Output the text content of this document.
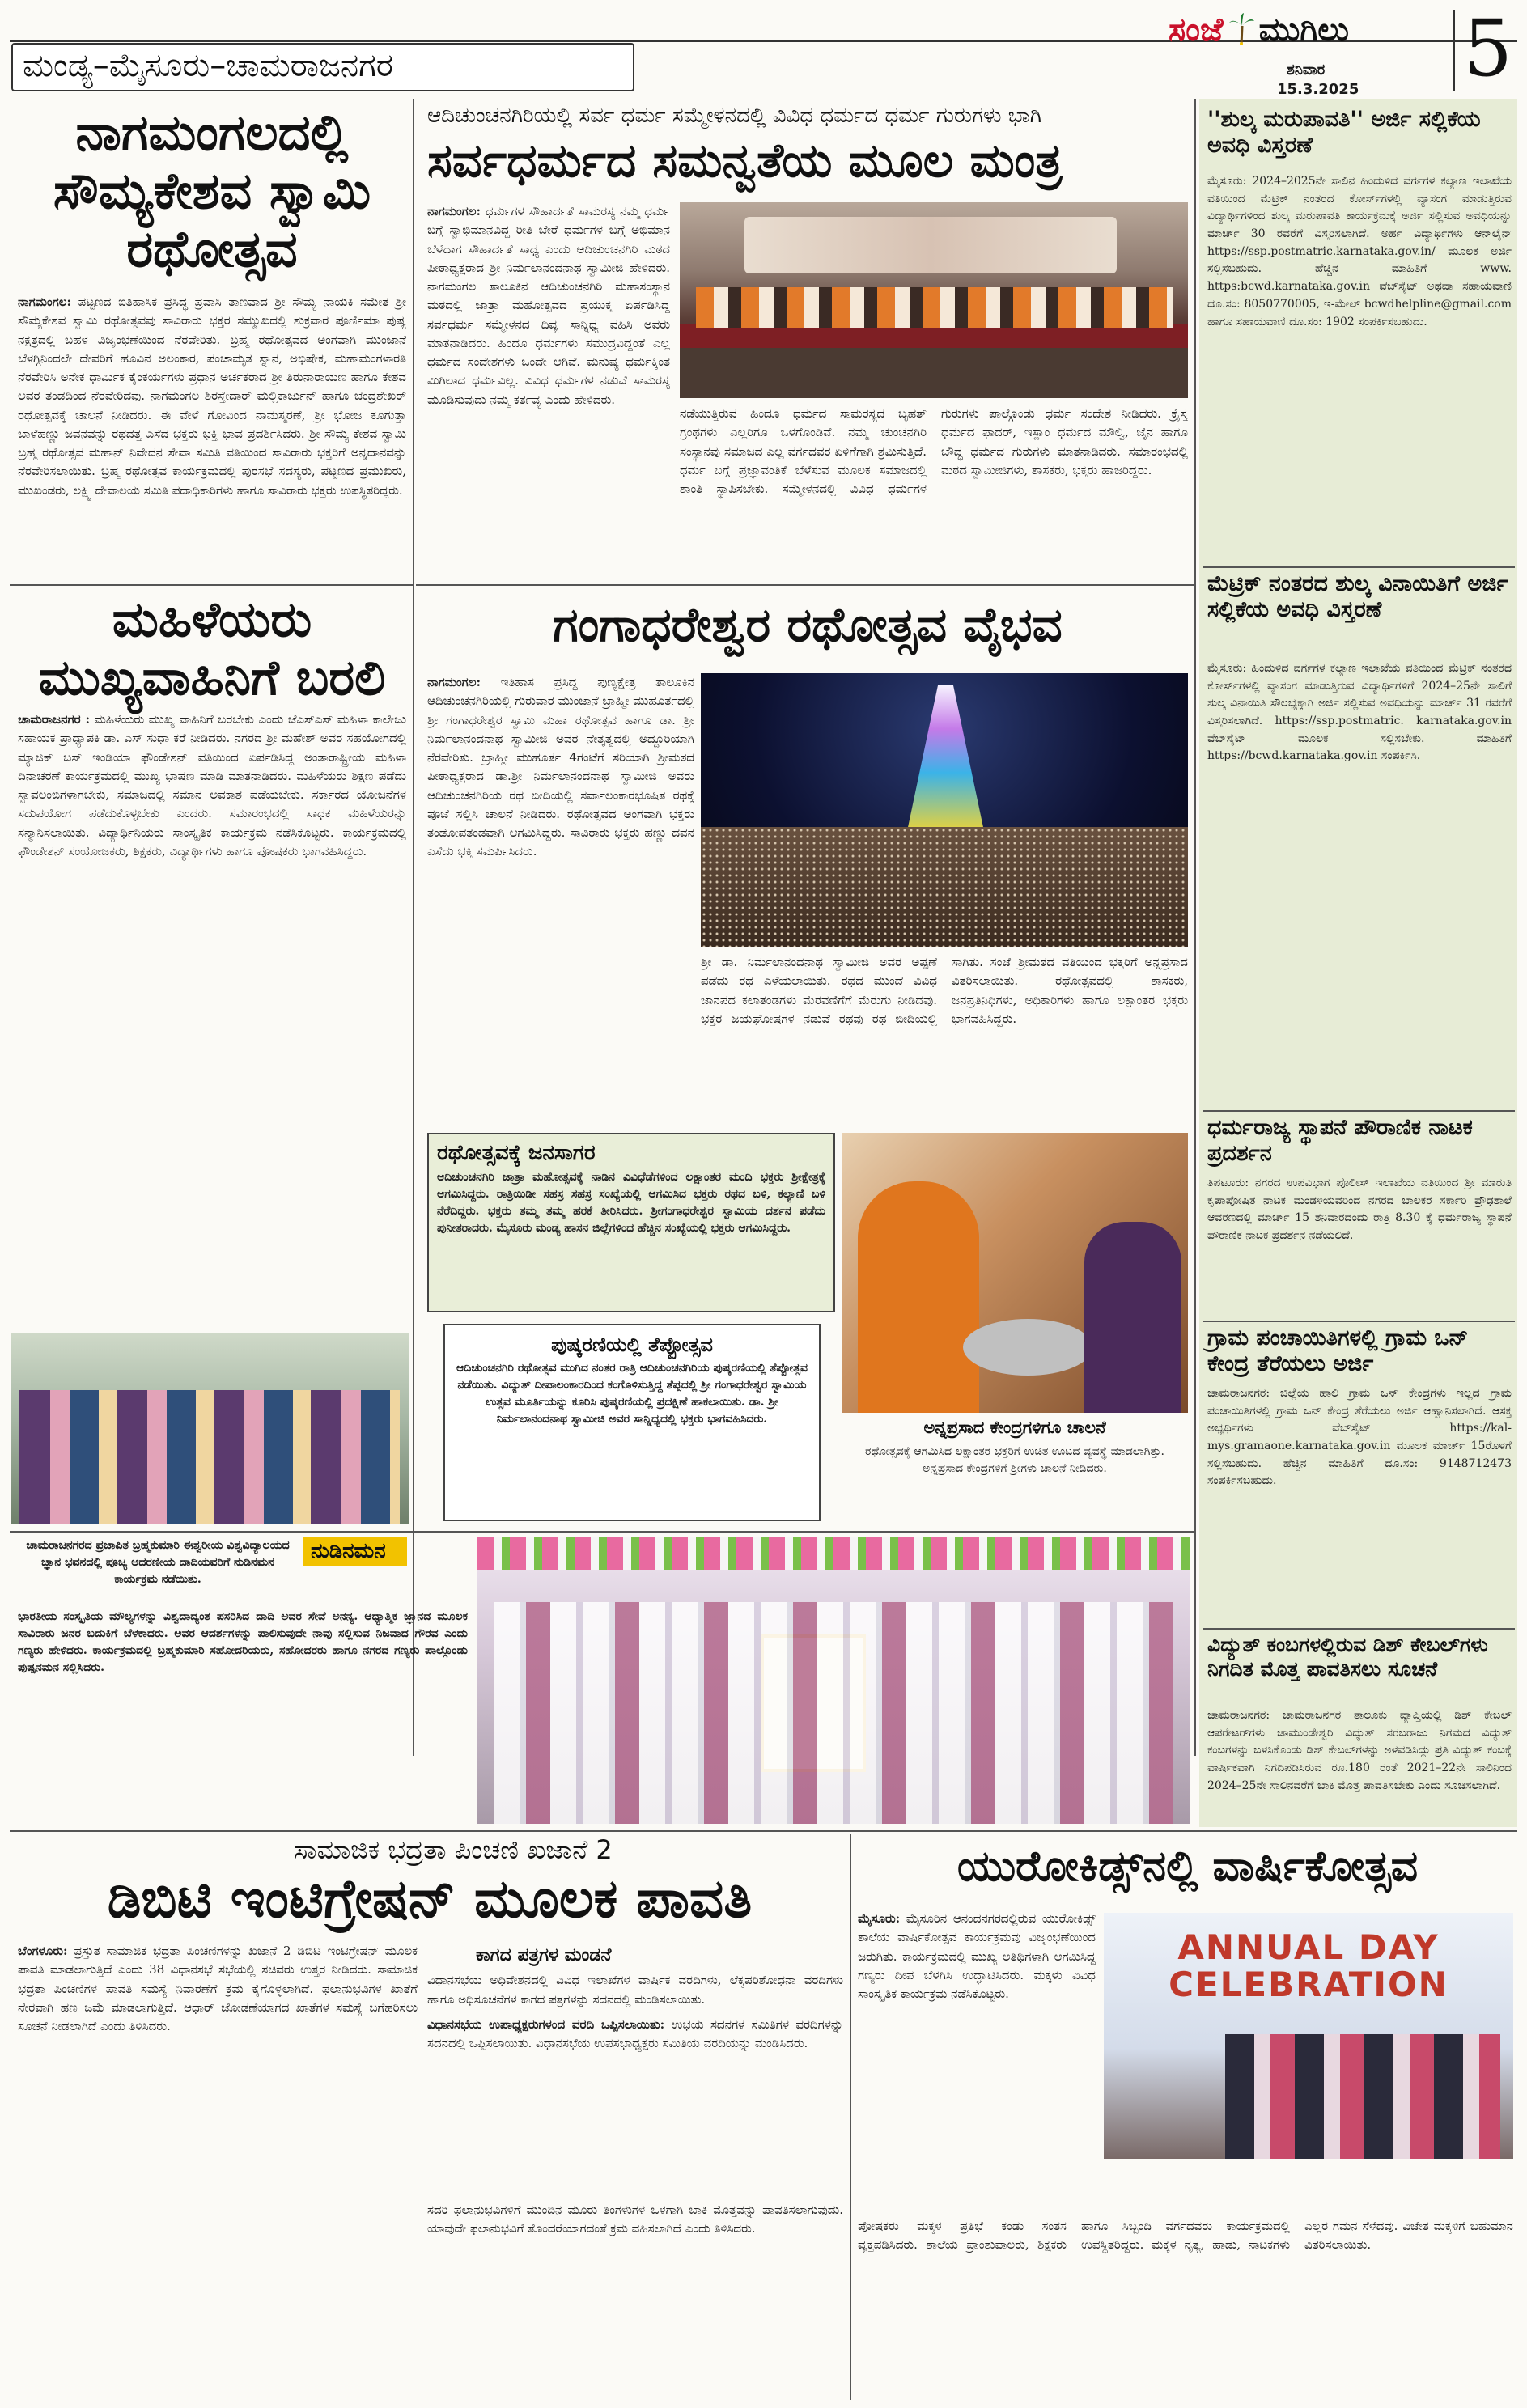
ಮಂಡ್ಯ–ಮೈಸೂರು–ಚಾಮರಾಜನಗರ
ಸಂಜೆ ಮುಗಿಲು
ಶನಿವಾರ
15.3.2025 5
ನಾಗಮಂಗಲದಲ್ಲಿ ಸೌಮ್ಯಕೇಶವ ಸ್ವಾಮಿ ರಥೋತ್ಸವ
ನಾಗಮಂಗಲ: ಪಟ್ಟಣದ ಐತಿಹಾಸಿಕ ಪ್ರಸಿದ್ಧ ಪ್ರವಾಸಿ ತಾಣವಾದ ಶ್ರೀ ಸೌಮ್ಯ ನಾಯಕಿ ಸಮೇತ ಶ್ರೀ ಸೌಮ್ಯಕೇಶವ ಸ್ವಾಮಿ ರಥೋತ್ಸವವು ಸಾವಿರಾರು ಭಕ್ತರ ಸಮ್ಮುಖದಲ್ಲಿ ಶುಕ್ರವಾರ ಪೂರ್ಣಿಮಾ ಪುಷ್ಯ ನಕ್ಷತ್ರದಲ್ಲಿ ಬಹಳ ವಿಜೃಂಭಣೆಯಿಂದ ನೆರವೇರಿತು. ಬ್ರಹ್ಮ ರಥೋತ್ಸವದ ಅಂಗವಾಗಿ ಮುಂಜಾನೆ ಬೆಳಗ್ಗಿನಿಂದಲೇ ದೇವರಿಗೆ ಹೂವಿನ ಅಲಂಕಾರ, ಪಂಚಾಮೃತ ಸ್ನಾನ, ಅಭಿಷೇಕ, ಮಹಾಮಂಗಳಾರತಿ ನೆರವೇರಿಸಿ ಅನೇಕ ಧಾರ್ಮಿಕ ಕೈಂಕರ್ಯಗಳು ಪ್ರಧಾನ ಅರ್ಚಕರಾದ ಶ್ರೀ ತಿರುನಾರಾಯಣ ಹಾಗೂ ಕೇಶವ ಅವರ ತಂಡದಿಂದ ನೆರವೇರಿದವು. ನಾಗಮಂಗಲ ಶಿರಸ್ತೇದಾರ್ ಮಲ್ಲಿಕಾರ್ಜುನ್ ಹಾಗೂ ಚಂದ್ರಶೇಖರ್ ರಥೋತ್ಸವಕ್ಕೆ ಚಾಲನೆ ನೀಡಿದರು. ಈ ವೇಳೆ ಗೋವಿಂದ ನಾಮಸ್ಮರಣೆ, ಶ್ರೀ ಭೋಜ ಕೂಗುತ್ತಾ ಬಾಳೆಹಣ್ಣು ಜವನವನ್ನು ರಥದತ್ತ ಎಸೆದ ಭಕ್ತರು ಭಕ್ತಿ ಭಾವ ಪ್ರದರ್ಶಿಸಿದರು. ಶ್ರೀ ಸೌಮ್ಯ ಕೇಶವ ಸ್ವಾಮಿ ಬ್ರಹ್ಮ ರಥೋತ್ಸವ ಮಹಾನ್ ನಿವೇದನ ಸೇವಾ ಸಮಿತಿ ವತಿಯಿಂದ ಸಾವಿರಾರು ಭಕ್ತರಿಗೆ ಅನ್ನದಾನವನ್ನು ನೆರವೇರಿಸಲಾಯಿತು. ಬ್ರಹ್ಮ ರಥೋತ್ಸವ ಕಾರ್ಯಕ್ರಮದಲ್ಲಿ ಪುರಸಭೆ ಸದಸ್ಯರು, ಪಟ್ಟಣದ ಪ್ರಮುಖರು, ಮುಖಂಡರು, ಲಕ್ಷ್ಮಿ ದೇವಾಲಯ ಸಮಿತಿ ಪದಾಧಿಕಾರಿಗಳು ಹಾಗೂ ಸಾವಿರಾರು ಭಕ್ತರು ಉಪಸ್ಥಿತರಿದ್ದರು.
ಆದಿಚುಂಚನಗಿರಿಯಲ್ಲಿ ಸರ್ವ ಧರ್ಮ ಸಮ್ಮೇಳನದಲ್ಲಿ ವಿವಿಧ ಧರ್ಮದ ಧರ್ಮ ಗುರುಗಳು ಭಾಗಿ
ಸರ್ವಧರ್ಮದ ಸಮನ್ವತೆಯ ಮೂಲ ಮಂತ್ರ
ನಾಗಮಂಗಲ: ಧರ್ಮಗಳ ಸೌಹಾರ್ದತೆ ಸಾಮರಸ್ಯ ನಮ್ಮ ಧರ್ಮ ಬಗ್ಗೆ ಸ್ವಾಭಿಮಾನವಿದ್ದ ರೀತಿ ಬೇರೆ ಧರ್ಮಗಳ ಬಗ್ಗೆ ಅಭಿಮಾನ ಬೆಳೆದಾಗ ಸೌಹಾರ್ದತೆ ಸಾಧ್ಯ ಎಂದು ಆದಿಚುಂಚನಗಿರಿ ಮಠದ ಪೀಠಾಧ್ಯಕ್ಷರಾದ ಶ್ರೀ ನಿರ್ಮಲಾನಂದನಾಥ ಸ್ವಾಮೀಜಿ ಹೇಳಿದರು. ನಾಗಮಂಗಲ ತಾಲೂಕಿನ ಆದಿಚುಂಚನಗಿರಿ ಮಹಾಸಂಸ್ಥಾನ ಮಠದಲ್ಲಿ ಜಾತ್ರಾ ಮಹೋತ್ಸವದ ಪ್ರಯುಕ್ತ ಏರ್ಪಡಿಸಿದ್ದ ಸರ್ವಧರ್ಮ ಸಮ್ಮೇಳನದ ದಿವ್ಯ ಸಾನ್ನಿಧ್ಯ ವಹಿಸಿ ಅವರು ಮಾತನಾಡಿದರು. ಹಿಂದೂ ಧರ್ಮಗಳು ಸಮುದ್ರವಿದ್ದಂತೆ ಎಲ್ಲ ಧರ್ಮದ ಸಂದೇಶಗಳು ಒಂದೇ ಆಗಿವೆ. ಮನುಷ್ಯ ಧರ್ಮಕ್ಕಿಂತ ಮಿಗಿಲಾದ ಧರ್ಮವಿಲ್ಲ. ವಿವಿಧ ಧರ್ಮಗಳ ನಡುವೆ ಸಾಮರಸ್ಯ ಮೂಡಿಸುವುದು ನಮ್ಮ ಕರ್ತವ್ಯ ಎಂದು ಹೇಳಿದರು.
ನಡೆಯುತ್ತಿರುವ ಹಿಂದೂ ಧರ್ಮದ ಸಾಮರಸ್ಯದ ಬೃಹತ್ ಗ್ರಂಥಗಳು ಎಲ್ಲರಿಗೂ ಒಳಗೊಂಡಿವೆ. ನಮ್ಮ ಚುಂಚನಗಿರಿ ಸಂಸ್ಥಾನವು ಸಮಾಜದ ಎಲ್ಲ ವರ್ಗದವರ ಏಳಿಗೆಗಾಗಿ ಶ್ರಮಿಸುತ್ತಿದೆ. ಧರ್ಮ ಬಗ್ಗೆ ಪ್ರಜ್ಞಾವಂತಿಕೆ ಬೆಳೆಸುವ ಮೂಲಕ ಸಮಾಜದಲ್ಲಿ ಶಾಂತಿ ಸ್ಥಾಪಿಸಬೇಕು. ಸಮ್ಮೇಳನದಲ್ಲಿ ವಿವಿಧ ಧರ್ಮಗಳ ಗುರುಗಳು ಪಾಲ್ಗೊಂಡು ಧರ್ಮ ಸಂದೇಶ ನೀಡಿದರು. ಕ್ರೈಸ್ತ ಧರ್ಮದ ಫಾದರ್, ಇಸ್ಲಾಂ ಧರ್ಮದ ಮೌಲ್ವಿ, ಜೈನ ಹಾಗೂ ಬೌದ್ಧ ಧರ್ಮದ ಗುರುಗಳು ಮಾತನಾಡಿದರು. ಸಮಾರಂಭದಲ್ಲಿ ಮಠದ ಸ್ವಾಮೀಜಿಗಳು, ಶಾಸಕರು, ಭಕ್ತರು ಹಾಜರಿದ್ದರು.
ಮಹಿಳೆಯರು ಮುಖ್ಯವಾಹಿನಿಗೆ ಬರಲಿ
ಚಾಮರಾಜನಗರ : ಮಹಿಳೆಯರು ಮುಖ್ಯ ವಾಹಿನಿಗೆ ಬರಬೇಕು ಎಂದು ಜೆಎಸ್‌ಎಸ್ ಮಹಿಳಾ ಕಾಲೇಜು ಸಹಾಯಕ ಪ್ರಾಧ್ಯಾಪಕಿ ಡಾ. ಎಸ್ ಸುಧಾ ಕರೆ ನೀಡಿದರು. ನಗರದ ಶ್ರೀ ಮಹೇಶ್ ಅವರ ಸಹಯೋಗದಲ್ಲಿ ಮ್ಯಾಜಿಕ್ ಬಸ್ ಇಂಡಿಯಾ ಫೌಂಡೇಶನ್ ವತಿಯಿಂದ ಏರ್ಪಡಿಸಿದ್ದ ಅಂತಾರಾಷ್ಟ್ರೀಯ ಮಹಿಳಾ ದಿನಾಚರಣೆ ಕಾರ್ಯಕ್ರಮದಲ್ಲಿ ಮುಖ್ಯ ಭಾಷಣ ಮಾಡಿ ಮಾತನಾಡಿದರು. ಮಹಿಳೆಯರು ಶಿಕ್ಷಣ ಪಡೆದು ಸ್ವಾವಲಂಬಿಗಳಾಗಬೇಕು, ಸಮಾಜದಲ್ಲಿ ಸಮಾನ ಅವಕಾಶ ಪಡೆಯಬೇಕು. ಸರ್ಕಾರದ ಯೋಜನೆಗಳ ಸದುಪಯೋಗ ಪಡೆದುಕೊಳ್ಳಬೇಕು ಎಂದರು. ಸಮಾರಂಭದಲ್ಲಿ ಸಾಧಕ ಮಹಿಳೆಯರನ್ನು ಸನ್ಮಾನಿಸಲಾಯಿತು. ವಿದ್ಯಾರ್ಥಿನಿಯರು ಸಾಂಸ್ಕೃತಿಕ ಕಾರ್ಯಕ್ರಮ ನಡೆಸಿಕೊಟ್ಟರು. ಕಾರ್ಯಕ್ರಮದಲ್ಲಿ ಫೌಂಡೇಶನ್ ಸಂಯೋಜಕರು, ಶಿಕ್ಷಕರು, ವಿದ್ಯಾರ್ಥಿಗಳು ಹಾಗೂ ಪೋಷಕರು ಭಾಗವಹಿಸಿದ್ದರು.
ಗಂಗಾಧರೇಶ್ವರ ರಥೋತ್ಸವ ವೈಭವ
ನಾಗಮಂಗಲ: ಇತಿಹಾಸ ಪ್ರಸಿದ್ಧ ಪುಣ್ಯಕ್ಷೇತ್ರ ತಾಲೂಕಿನ ಆದಿಚುಂಚನಗಿರಿಯಲ್ಲಿ ಗುರುವಾರ ಮುಂಜಾನೆ ಬ್ರಾಹ್ಮೀ ಮುಹೂರ್ತದಲ್ಲಿ ಶ್ರೀ ಗಂಗಾಧರೇಶ್ವರ ಸ್ವಾಮಿ ಮಹಾ ರಥೋತ್ಸವ ಹಾಗೂ ಡಾ. ಶ್ರೀ ನಿರ್ಮಲಾನಂದನಾಥ ಸ್ವಾಮೀಜಿ ಅವರ ನೇತೃತ್ವದಲ್ಲಿ ಅದ್ದೂರಿಯಾಗಿ ನೆರವೇರಿತು. ಬ್ರಾಹ್ಮೀ ಮುಹೂರ್ತ 4ಗಂಟೆಗೆ ಸರಿಯಾಗಿ ಶ್ರೀಮಠದ ಪೀಠಾಧ್ಯಕ್ಷರಾದ ಡಾ.ಶ್ರೀ ನಿರ್ಮಲಾನಂದನಾಥ ಸ್ವಾಮೀಜಿ ಅವರು ಆದಿಚುಂಚನಗಿರಿಯ ರಥ ಬೀದಿಯಲ್ಲಿ ಸರ್ವಾಲಂಕಾರಭೂಷಿತ ರಥಕ್ಕೆ ಪೂಜೆ ಸಲ್ಲಿಸಿ ಚಾಲನೆ ನೀಡಿದರು. ರಥೋತ್ಸವದ ಅಂಗವಾಗಿ ಭಕ್ತರು ತಂಡೋಪತಂಡವಾಗಿ ಆಗಮಿಸಿದ್ದರು. ಸಾವಿರಾರು ಭಕ್ತರು ಹಣ್ಣು ದವನ ಎಸೆದು ಭಕ್ತಿ ಸಮರ್ಪಿಸಿದರು.
ಶ್ರೀ ಡಾ. ನಿರ್ಮಲಾನಂದನಾಥ ಸ್ವಾಮೀಜಿ ಅವರ ಅಪ್ಪಣೆ ಪಡೆದು ರಥ ಎಳೆಯಲಾಯಿತು. ರಥದ ಮುಂದೆ ವಿವಿಧ ಜಾನಪದ ಕಲಾತಂಡಗಳು ಮೆರವಣಿಗೆಗೆ ಮೆರುಗು ನೀಡಿದವು. ಭಕ್ತರ ಜಯಘೋಷಗಳ ನಡುವೆ ರಥವು ರಥ ಬೀದಿಯಲ್ಲಿ ಸಾಗಿತು. ಸಂಜೆ ಶ್ರೀಮಠದ ವತಿಯಿಂದ ಭಕ್ತರಿಗೆ ಅನ್ನಪ್ರಸಾದ ವಿತರಿಸಲಾಯಿತು. ರಥೋತ್ಸವದಲ್ಲಿ ಶಾಸಕರು, ಜನಪ್ರತಿನಿಧಿಗಳು, ಅಧಿಕಾರಿಗಳು ಹಾಗೂ ಲಕ್ಷಾಂತರ ಭಕ್ತರು ಭಾಗವಹಿಸಿದ್ದರು.
ರಥೋತ್ಸವಕ್ಕೆ ಜನಸಾಗರ
ಆದಿಚುಂಚನಗಿರಿ ಜಾತ್ರಾ ಮಹೋತ್ಸವಕ್ಕೆ ನಾಡಿನ ವಿವಿಧೆಡೆಗಳಿಂದ ಲಕ್ಷಾಂತರ ಮಂದಿ ಭಕ್ತರು ಶ್ರೀಕ್ಷೇತ್ರಕ್ಕೆ ಆಗಮಿಸಿದ್ದರು. ರಾತ್ರಿಯಿಡೀ ಸಹಸ್ರ ಸಹಸ್ರ ಸಂಖ್ಯೆಯಲ್ಲಿ ಆಗಮಿಸಿದ ಭಕ್ತರು ರಥದ ಬಳಿ, ಕಲ್ಯಾಣಿ ಬಳಿ ನೆರೆದಿದ್ದರು. ಭಕ್ತರು ತಮ್ಮ ತಮ್ಮ ಹರಕೆ ತೀರಿಸಿದರು. ಶ್ರೀಗಂಗಾಧರೇಶ್ವರ ಸ್ವಾಮಿಯ ದರ್ಶನ ಪಡೆದು ಪುನೀತರಾದರು. ಮೈಸೂರು ಮಂಡ್ಯ ಹಾಸನ ಜಿಲ್ಲೆಗಳಿಂದ ಹೆಚ್ಚಿನ ಸಂಖ್ಯೆಯಲ್ಲಿ ಭಕ್ತರು ಆಗಮಿಸಿದ್ದರು.
ಪುಷ್ಕರಣಿಯಲ್ಲಿ ತೆಪ್ಪೋತ್ಸವ
ಆದಿಚುಂಚನಗಿರಿ ರಥೋತ್ಸವ ಮುಗಿದ ನಂತರ ರಾತ್ರಿ ಆದಿಚುಂಚನಗಿರಿಯ ಪುಷ್ಕರಣಿಯಲ್ಲಿ ತೆಪ್ಪೋತ್ಸವ ನಡೆಯಿತು. ವಿದ್ಯುತ್ ದೀಪಾಲಂಕಾರದಿಂದ ಕಂಗೊಳಿಸುತ್ತಿದ್ದ ತೆಪ್ಪದಲ್ಲಿ ಶ್ರೀ ಗಂಗಾಧರೇಶ್ವರ ಸ್ವಾಮಿಯ ಉತ್ಸವ ಮೂರ್ತಿಯನ್ನು ಕೂರಿಸಿ ಪುಷ್ಕರಣಿಯಲ್ಲಿ ಪ್ರದಕ್ಷಿಣೆ ಹಾಕಲಾಯಿತು. ಡಾ. ಶ್ರೀ ನಿರ್ಮಲಾನಂದನಾಥ ಸ್ವಾಮೀಜಿ ಅವರ ಸಾನ್ನಿಧ್ಯದಲ್ಲಿ ಭಕ್ತರು ಭಾಗವಹಿಸಿದರು.	ಅನ್ನಪ್ರಸಾದ ಕೇಂದ್ರಗಳಿಗೂ ಚಾಲನೆ
ರಥೋತ್ಸವಕ್ಕೆ ಆಗಮಿಸಿದ ಲಕ್ಷಾಂತರ ಭಕ್ತರಿಗೆ ಉಚಿತ ಊಟದ ವ್ಯವಸ್ಥೆ ಮಾಡಲಾಗಿತ್ತು. ಅನ್ನಪ್ರಸಾದ ಕೇಂದ್ರಗಳಿಗೆ ಶ್ರೀಗಳು ಚಾಲನೆ ನೀಡಿದರು.
ನುಡಿನಮನ
ಚಾಮರಾಜನಗರದ ಪ್ರಜಾಪಿತ ಬ್ರಹ್ಮಕುಮಾರಿ ಈಶ್ವರೀಯ ವಿಶ್ವವಿದ್ಯಾಲಯದ ಜ್ಞಾನ ಭವನದಲ್ಲಿ ಪೂಜ್ಯ ಆದರಣೀಯ ದಾದಿಯವರಿಗೆ ನುಡಿನಮನ ಕಾರ್ಯಕ್ರಮ ನಡೆಯಿತು.
ಭಾರತೀಯ ಸಂಸ್ಕೃತಿಯ ಮೌಲ್ಯಗಳನ್ನು ವಿಶ್ವದಾದ್ಯಂತ ಪಸರಿಸಿದ ದಾದಿ ಅವರ ಸೇವೆ ಅನನ್ಯ. ಆಧ್ಯಾತ್ಮಿಕ ಜ್ಞಾನದ ಮೂಲಕ ಸಾವಿರಾರು ಜನರ ಬದುಕಿಗೆ ಬೆಳಕಾದರು. ಅವರ ಆದರ್ಶಗಳನ್ನು ಪಾಲಿಸುವುದೇ ನಾವು ಸಲ್ಲಿಸುವ ನಿಜವಾದ ಗೌರವ ಎಂದು ಗಣ್ಯರು ಹೇಳಿದರು. ಕಾರ್ಯಕ್ರಮದಲ್ಲಿ ಬ್ರಹ್ಮಕುಮಾರಿ ಸಹೋದರಿಯರು, ಸಹೋದರರು ಹಾಗೂ ನಗರದ ಗಣ್ಯರು ಪಾಲ್ಗೊಂಡು ಪುಷ್ಪನಮನ ಸಲ್ಲಿಸಿದರು.
ಸಾಮಾಜಿಕ ಭದ್ರತಾ ಪಿಂಚಣಿ ಖಜಾನೆ 2
ಡಿಬಿಟಿ ಇಂಟಿಗ್ರೇಷನ್ ಮೂಲಕ ಪಾವತಿ
ಬೆಂಗಳೂರು: ಪ್ರಸ್ತುತ ಸಾಮಾಜಿಕ ಭದ್ರತಾ ಪಿಂಚಣಿಗಳನ್ನು ಖಜಾನೆ 2 ಡಿಬಿಟಿ ಇಂಟಿಗ್ರೇಷನ್ ಮೂಲಕ ಪಾವತಿ ಮಾಡಲಾಗುತ್ತಿದೆ ಎಂದು 38 ವಿಧಾನಸಭೆ ಸಭೆಯಲ್ಲಿ ಸಚಿವರು ಉತ್ತರ ನೀಡಿದರು. ಸಾಮಾಜಿಕ ಭದ್ರತಾ ಪಿಂಚಣಿಗಳ ಪಾವತಿ ಸಮಸ್ಯೆ ನಿವಾರಣೆಗೆ ಕ್ರಮ ಕೈಗೊಳ್ಳಲಾಗಿದೆ. ಫಲಾನುಭವಿಗಳ ಖಾತೆಗೆ ನೇರವಾಗಿ ಹಣ ಜಮೆ ಮಾಡಲಾಗುತ್ತಿದೆ. ಆಧಾರ್ ಜೋಡಣೆಯಾಗದ ಖಾತೆಗಳ ಸಮಸ್ಯೆ ಬಗೆಹರಿಸಲು ಸೂಚನೆ ನೀಡಲಾಗಿದೆ ಎಂದು ತಿಳಿಸಿದರು.
ಕಾಗದ ಪತ್ರಗಳ ಮಂಡನೆ
ವಿಧಾನಸಭೆಯ ಅಧಿವೇಶನದಲ್ಲಿ ವಿವಿಧ ಇಲಾಖೆಗಳ ವಾರ್ಷಿಕ ವರದಿಗಳು, ಲೆಕ್ಕಪರಿಶೋಧನಾ ವರದಿಗಳು ಹಾಗೂ ಅಧಿಸೂಚನೆಗಳ ಕಾಗದ ಪತ್ರಗಳನ್ನು ಸದನದಲ್ಲಿ ಮಂಡಿಸಲಾಯಿತು.
ವಿಧಾನಸಭೆಯ ಉಪಾಧ್ಯಕ್ಷರುಗಳಂದ ವರದಿ ಒಪ್ಪಿಸಲಾಯಿತು: ಉಭಯ ಸದನಗಳ ಸಮಿತಿಗಳ ವರದಿಗಳನ್ನು ಸದನದಲ್ಲಿ ಒಪ್ಪಿಸಲಾಯಿತು. ವಿಧಾನಸಭೆಯ ಉಪಸಭಾಧ್ಯಕ್ಷರು ಸಮಿತಿಯ ವರದಿಯನ್ನು ಮಂಡಿಸಿದರು.
ಸದರಿ ಫಲಾನುಭವಿಗಳಿಗೆ ಮುಂದಿನ ಮೂರು ತಿಂಗಳುಗಳ ಒಳಗಾಗಿ ಬಾಕಿ ಮೊತ್ತವನ್ನು ಪಾವತಿಸಲಾಗುವುದು. ಯಾವುದೇ ಫಲಾನುಭವಿಗೆ ತೊಂದರೆಯಾಗದಂತೆ ಕ್ರಮ ವಹಿಸಲಾಗಿದೆ ಎಂದು ತಿಳಿಸಿದರು.
ಯುರೋಕಿಡ್ಸ್‌ನಲ್ಲಿ ವಾರ್ಷಿಕೋತ್ಸವ
ಮೈಸೂರು: ಮೈಸೂರಿನ ಆನಂದನಗರದಲ್ಲಿರುವ ಯುರೋಕಿಡ್ಸ್ ಶಾಲೆಯ ವಾರ್ಷಿಕೋತ್ಸವ ಕಾರ್ಯಕ್ರಮವು ವಿಜೃಂಭಣೆಯಿಂದ ಜರುಗಿತು. ಕಾರ್ಯಕ್ರಮದಲ್ಲಿ ಮುಖ್ಯ ಅತಿಥಿಗಳಾಗಿ ಆಗಮಿಸಿದ್ದ ಗಣ್ಯರು ದೀಪ ಬೆಳಗಿಸಿ ಉದ್ಘಾಟಿಸಿದರು. ಮಕ್ಕಳು ವಿವಿಧ ಸಾಂಸ್ಕೃತಿಕ ಕಾರ್ಯಕ್ರಮ ನಡೆಸಿಕೊಟ್ಟರು.
ANNUAL DAY CELEBRATION
ಪೋಷಕರು ಮಕ್ಕಳ ಪ್ರತಿಭೆ ಕಂಡು ಸಂತಸ ವ್ಯಕ್ತಪಡಿಸಿದರು. ಶಾಲೆಯ ಪ್ರಾಂಶುಪಾಲರು, ಶಿಕ್ಷಕರು ಹಾಗೂ ಸಿಬ್ಬಂದಿ ವರ್ಗದವರು ಕಾರ್ಯಕ್ರಮದಲ್ಲಿ ಉಪಸ್ಥಿತರಿದ್ದರು. ಮಕ್ಕಳ ನೃತ್ಯ, ಹಾಡು, ನಾಟಕಗಳು ಎಲ್ಲರ ಗಮನ ಸೆಳೆದವು. ವಿಜೇತ ಮಕ್ಕಳಿಗೆ ಬಹುಮಾನ ವಿತರಿಸಲಾಯಿತು.
''ಶುಲ್ಕ ಮರುಪಾವತಿ'' ಅರ್ಜಿ ಸಲ್ಲಿಕೆಯ ಅವಧಿ ವಿಸ್ತರಣೆ
ಮೈಸೂರು: 2024–2025ನೇ ಸಾಲಿನ ಹಿಂದುಳಿದ ವರ್ಗಗಳ ಕಲ್ಯಾಣ ಇಲಾಖೆಯ ವತಿಯಿಂದ ಮೆಟ್ರಿಕ್ ನಂತರದ ಕೋರ್ಸ್‌ಗಳಲ್ಲಿ ವ್ಯಾಸಂಗ ಮಾಡುತ್ತಿರುವ ವಿದ್ಯಾರ್ಥಿಗಳಿಂದ ಶುಲ್ಕ ಮರುಪಾವತಿ ಕಾರ್ಯಕ್ರಮಕ್ಕೆ ಅರ್ಜಿ ಸಲ್ಲಿಸುವ ಅವಧಿಯನ್ನು ಮಾರ್ಚ್ 30 ರವರೆಗೆ ವಿಸ್ತರಿಸಲಾಗಿದೆ. ಅರ್ಹ ವಿದ್ಯಾರ್ಥಿಗಳು ಆನ್‌ಲೈನ್ https://ssp.postmatric.karnataka.gov.in/ ಮೂಲಕ ಅರ್ಜಿ ಸಲ್ಲಿಸಬಹುದು. ಹೆಚ್ಚಿನ ಮಾಹಿತಿಗೆ www. https:bcwd.karnataka.gov.in ವೆಬ್‌ಸೈಟ್ ಅಥವಾ ಸಹಾಯವಾಣಿ ದೂ.ಸಂ: 8050770005, ಇ-ಮೇಲ್ bcwdhelpline@gmail.com ಹಾಗೂ ಸಹಾಯವಾಣಿ ದೂ.ಸಂ: 1902 ಸಂಪರ್ಕಿಸಬಹುದು.
ಮೆಟ್ರಿಕ್ ನಂತರದ ಶುಲ್ಕ ವಿನಾಯಿತಿಗೆ ಅರ್ಜಿ ಸಲ್ಲಿಕೆಯ ಅವಧಿ ವಿಸ್ತರಣೆ
ಮೈಸೂರು: ಹಿಂದುಳಿದ ವರ್ಗಗಳ ಕಲ್ಯಾಣ ಇಲಾಖೆಯ ವತಿಯಿಂದ ಮೆಟ್ರಿಕ್ ನಂತರದ ಕೋರ್ಸ್‌ಗಳಲ್ಲಿ ವ್ಯಾಸಂಗ ಮಾಡುತ್ತಿರುವ ವಿದ್ಯಾರ್ಥಿಗಳಿಗೆ 2024–25ನೇ ಸಾಲಿಗೆ ಶುಲ್ಕ ವಿನಾಯಿತಿ ಸೌಲಭ್ಯಕ್ಕಾಗಿ ಅರ್ಜಿ ಸಲ್ಲಿಸುವ ಅವಧಿಯನ್ನು ಮಾರ್ಚ್ 31 ರವರೆಗೆ ವಿಸ್ತರಿಸಲಾಗಿದೆ. https://ssp.postmatric. karnataka.gov.in ವೆಬ್‌ಸೈಟ್ ಮೂಲಕ ಸಲ್ಲಿಸಬೇಕು. ಮಾಹಿತಿಗೆ https://bcwd.karnataka.gov.in ಸಂಪರ್ಕಿಸಿ.
ಧರ್ಮರಾಜ್ಯ ಸ್ಥಾಪನೆ ಪೌರಾಣಿಕ ನಾಟಕ ಪ್ರದರ್ಶನ
ತಿಪಟೂರು: ನಗರದ ಉಪವಿಭಾಗ ಪೊಲೀಸ್ ಇಲಾಖೆಯ ವತಿಯಿಂದ ಶ್ರೀ ಮಾರುತಿ ಕೃಪಾಪೋಷಿತ ನಾಟಕ ಮಂಡಳಿಯವರಿಂದ ನಗರದ ಬಾಲಕರ ಸರ್ಕಾರಿ ಪ್ರೌಢಶಾಲೆ ಆವರಣದಲ್ಲಿ ಮಾರ್ಚ್ 15 ಶನಿವಾರದಂದು ರಾತ್ರಿ 8.30 ಕ್ಕೆ ಧರ್ಮರಾಜ್ಯ ಸ್ಥಾಪನೆ ಪೌರಾಣಿಕ ನಾಟಕ ಪ್ರದರ್ಶನ ನಡೆಯಲಿದೆ.
ಗ್ರಾಮ ಪಂಚಾಯಿತಿಗಳಲ್ಲಿ ಗ್ರಾಮ ಒನ್ ಕೇಂದ್ರ ತೆರೆಯಲು ಅರ್ಜಿ
ಚಾಮರಾಜನಗರ: ಜಿಲ್ಲೆಯ ಹಾಲಿ ಗ್ರಾಮ ಒನ್ ಕೇಂದ್ರಗಳು ಇಲ್ಲದ ಗ್ರಾಮ ಪಂಚಾಯಿತಿಗಳಲ್ಲಿ ಗ್ರಾಮ ಒನ್ ಕೇಂದ್ರ ತೆರೆಯಲು ಅರ್ಜಿ ಆಹ್ವಾನಿಸಲಾಗಿದೆ. ಆಸಕ್ತ ಅಭ್ಯರ್ಥಿಗಳು ವೆಬ್‌ಸೈಟ್ https://kal-mys.gramaone.karnataka.gov.in ಮೂಲಕ ಮಾರ್ಚ್ 15ರೊಳಗೆ ಸಲ್ಲಿಸಬಹುದು. ಹೆಚ್ಚಿನ ಮಾಹಿತಿಗೆ ದೂ.ಸಂ: 9148712473 ಸಂಪರ್ಕಿಸಬಹುದು.
ವಿದ್ಯುತ್ ಕಂಬಗಳಲ್ಲಿರುವ ಡಿಶ್ ಕೇಬಲ್‌ಗಳು ನಿಗದಿತ ಮೊತ್ತ ಪಾವತಿಸಲು ಸೂಚನೆ
ಚಾಮರಾಜನಗರ: ಚಾಮರಾಜನಗರ ತಾಲೂಕು ವ್ಯಾಪ್ತಿಯಲ್ಲಿ ಡಿಶ್ ಕೇಬಲ್ ಆಪರೇಟರ್‌ಗಳು ಚಾಮುಂಡೇಶ್ವರಿ ವಿದ್ಯುತ್ ಸರಬರಾಜು ನಿಗಮದ ವಿದ್ಯುತ್ ಕಂಬಗಳನ್ನು ಬಳಸಿಕೊಂಡು ಡಿಶ್ ಕೇಬಲ್‌ಗಳನ್ನು ಅಳವಡಿಸಿದ್ದು ಪ್ರತಿ ವಿದ್ಯುತ್ ಕಂಬಕ್ಕೆ ವಾರ್ಷಿಕವಾಗಿ ನಿಗದಿಪಡಿಸಿರುವ ರೂ.180 ರಂತೆ 2021–22ನೇ ಸಾಲಿನಿಂದ 2024–25ನೇ ಸಾಲಿನವರೆಗೆ ಬಾಕಿ ಮೊತ್ತ ಪಾವತಿಸಬೇಕು ಎಂದು ಸೂಚಿಸಲಾಗಿದೆ.
